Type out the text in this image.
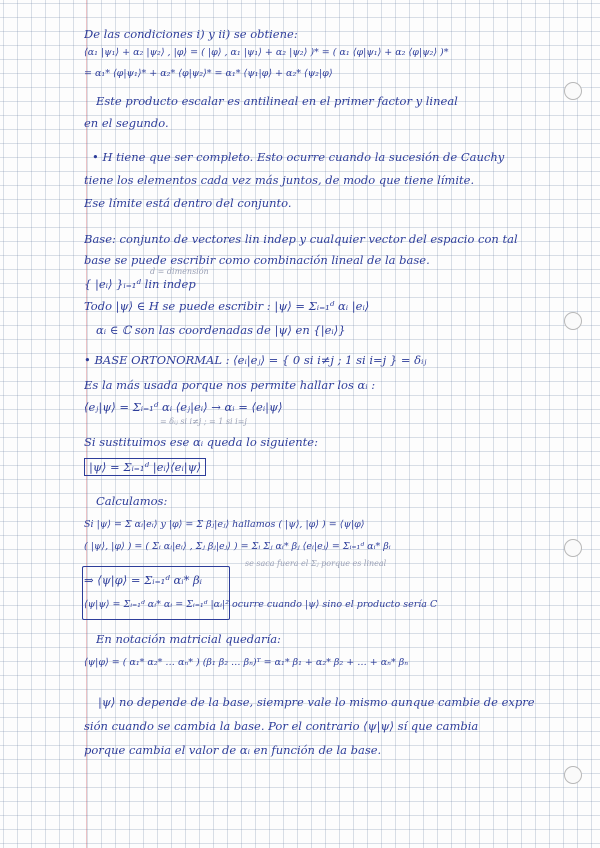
De las condiciones i) y ii) se obtiene:
⟨α₁ |ψ₁⟩ + α₂ |ψ₂⟩ , |φ⟩ = ( |φ⟩ , α₁ |ψ₁⟩ + α₂ |ψ₂⟩ )* = ( α₁ ⟨φ|ψ₁⟩ + α₂ ⟨φ|ψ₂⟩ )*
= α₁* ⟨φ|ψ₁⟩* + α₂* ⟨φ|ψ₂⟩* = α₁* ⟨ψ₁|φ⟩ + α₂* ⟨ψ₂|φ⟩
Este producto escalar es antilineal en el primer factor y lineal
en el segundo.
• H tiene que ser completo. Esto ocurre cuando la sucesión de Cauchy
tiene los elementos cada vez más juntos, de modo que tiene límite.
Ese límite está dentro del conjunto.
Base: conjunto de vectores lin indep y cualquier vector del espacio con tal
base se puede escribir como combinación lineal de la base.
d = dimensión
{ |eᵢ⟩ }ᵢ₌₁ᵈ lin indep
Todo |ψ⟩ ∈ H se puede escribir : |ψ⟩ = Σᵢ₌₁ᵈ αᵢ |eᵢ⟩
αᵢ ∈ ℂ son las coordenadas de |ψ⟩ en {|eᵢ⟩}
• BASE ORTONORMAL : ⟨eᵢ|eⱼ⟩ = { 0 si i≠j ; 1 si i=j } = δᵢⱼ
Es la más usada porque nos permite hallar los αᵢ :
⟨eⱼ|ψ⟩ = Σᵢ₌₁ᵈ αᵢ ⟨eⱼ|eᵢ⟩ → αᵢ = ⟨eᵢ|ψ⟩
= δᵢⱼ si i≠j ; = 1 si i=j
Si sustituimos ese αᵢ queda lo siguiente:
|ψ⟩ = Σᵢ₌₁ᵈ |eᵢ⟩⟨eᵢ|ψ⟩
Calculamos:
Si |ψ⟩ = Σ αᵢ|eᵢ⟩ y |φ⟩ = Σ βⱼ|eⱼ⟩ hallamos ( |ψ⟩, |φ⟩ ) = ⟨ψ|φ⟩
( |ψ⟩, |φ⟩ ) = ( Σᵢ αᵢ|eᵢ⟩ , Σⱼ βⱼ|eⱼ⟩ ) = Σᵢ Σⱼ αᵢ* βⱼ ⟨eᵢ|eⱼ⟩ = Σᵢ₌₁ᵈ αᵢ* βᵢ
se saca fuera el Σⱼ porque es lineal
⇒ ⟨ψ|φ⟩ = Σᵢ₌₁ᵈ αᵢ* βᵢ
⟨ψ|ψ⟩ = Σᵢ₌₁ᵈ αᵢ* αᵢ = Σᵢ₌₁ᵈ |αᵢ|² ocurre cuando |ψ⟩ sino el producto sería C
En notación matricial quedaría:
⟨ψ|φ⟩ = ( α₁* α₂* … αₙ* ) (β₁ β₂ … βₙ)ᵀ = α₁* β₁ + α₂* β₂ + … + αₙ* βₙ
|ψ⟩ no depende de la base, siempre vale lo mismo aunque cambie de expre
sión cuando se cambia la base. Por el contrario ⟨ψ|ψ⟩ sí que cambia
porque cambia el valor de αᵢ en función de la base.
